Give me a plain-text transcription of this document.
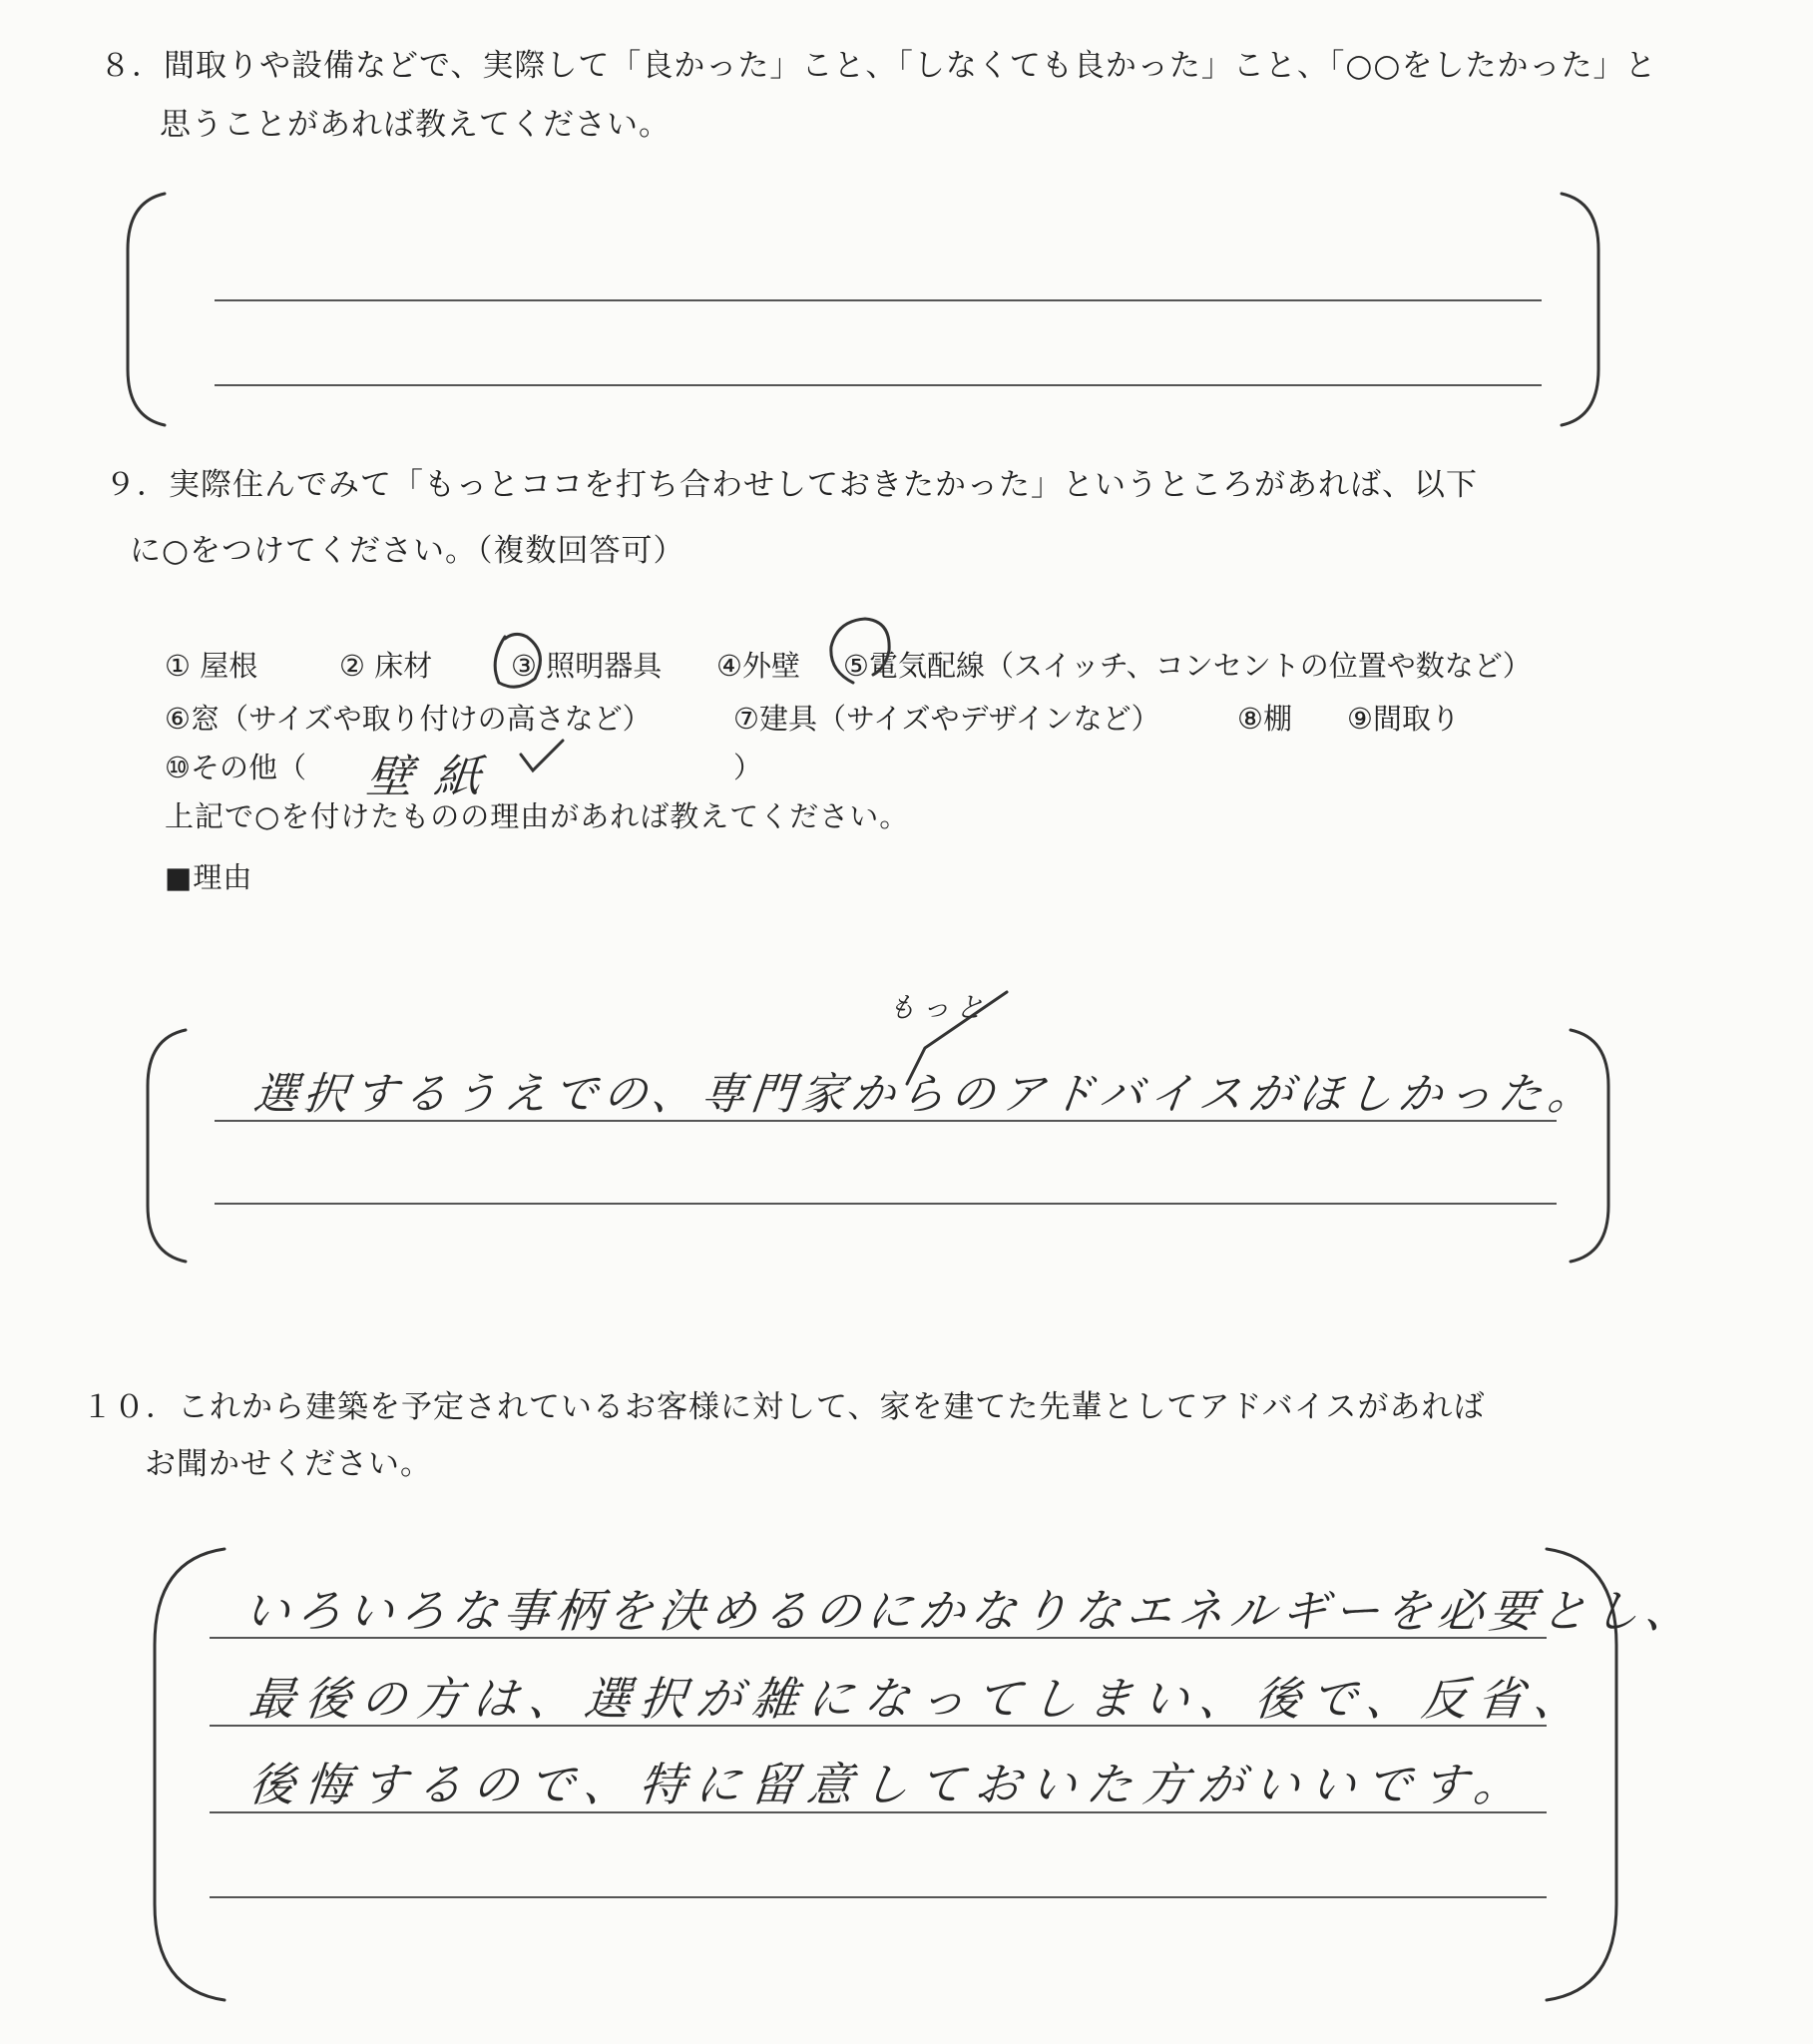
８．間取りや設備などで、実際して「良かった」こと、「しなくても良かった」こと、「○○をしたかった」と
思うことがあれば教えてください。
９．実際住んでみて「もっとココを打ち合わせしておきたかった」というところがあれば、以下
に○をつけてください。（複数回答可）
① 屋根	② 床材	③ 照明器具 ④外壁 ⑤電気配線（スイッチ、コンセントの位置や数など）
⑥窓（サイズや取り付けの高さなど）	⑦建具（サイズやデザインなど）	⑧棚 ⑨間取り
⑩その他（	）
壁紙
上記で○を付けたものの理由があれば教えてください。
■理由
もっと
選択するうえでの、専門家からのアドバイスがほしかった。
１０．これから建築を予定されているお客様に対して、家を建てた先輩としてアドバイスがあれば
お聞かせください。
いろいろな事柄を決めるのにかなりなエネルギーを必要とし、
最後の方は、選択が雑になってしまい、後で、反省、
後悔するので、特に留意しておいた方がいいです。
